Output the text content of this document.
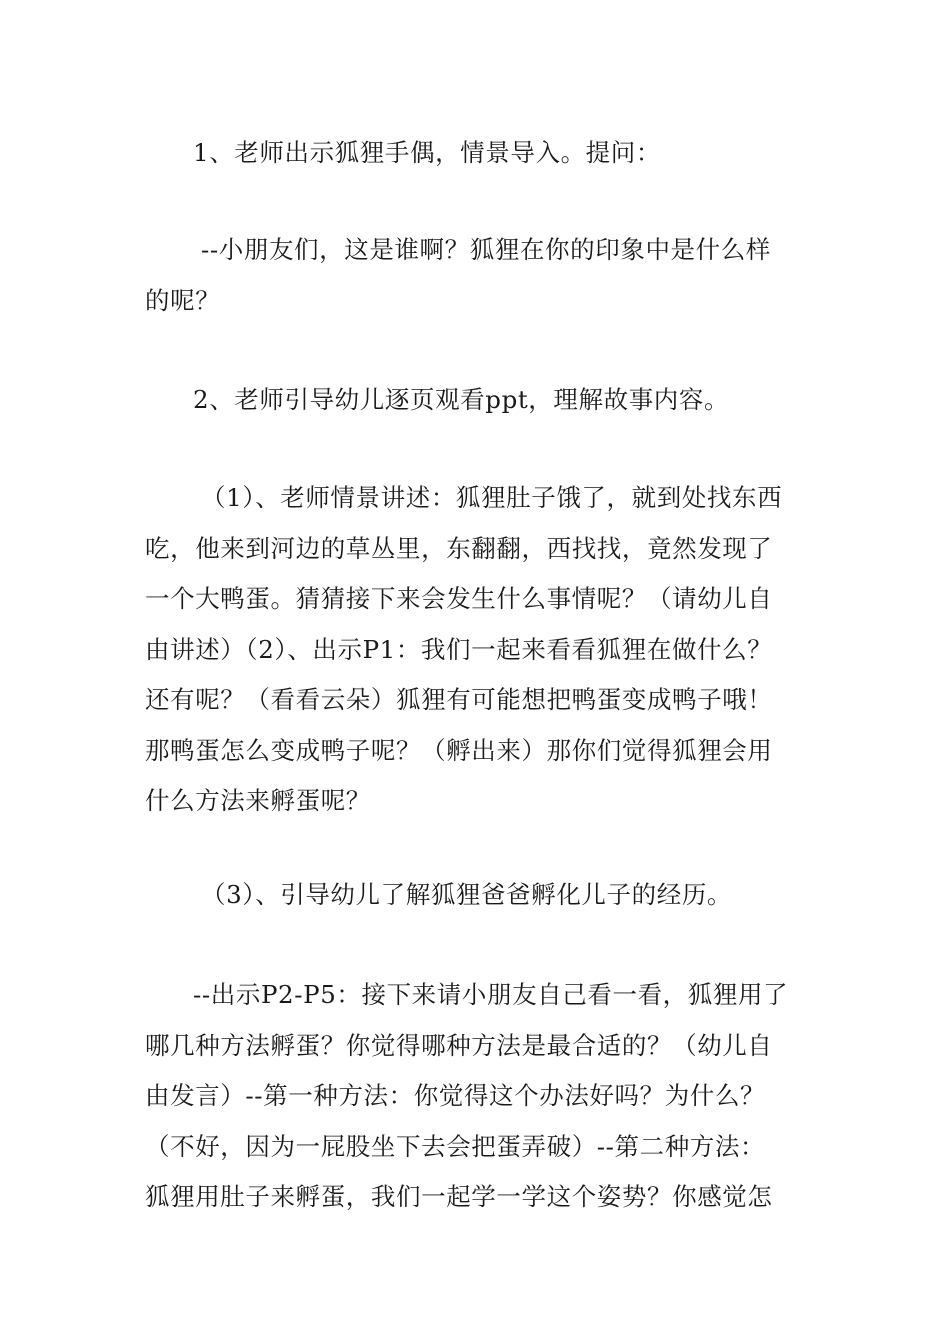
1、老师出示狐狸手偶，情景导入。提问：

--小朋友们，这是谁啊？狐狸在你的印象中是什么样
的呢？

2、老师引导幼儿逐页观看ppt，理解故事内容。

（1）、老师情景讲述：狐狸肚子饿了，就到处找东西
吃，他来到河边的草丛里，东翻翻，西找找，竟然发现了
一个大鸭蛋。猜猜接下来会发生什么事情呢？（请幼儿自
由讲述）（2）、出示P1：我们一起来看看狐狸在做什么？
还有呢？（看看云朵）狐狸有可能想把鸭蛋变成鸭子哦！
那鸭蛋怎么变成鸭子呢？（孵出来）那你们觉得狐狸会用
什么方法来孵蛋呢？

（3）、引导幼儿了解狐狸爸爸孵化儿子的经历。

--出示P2-P5：接下来请小朋友自己看一看，狐狸用了
哪几种方法孵蛋？你觉得哪种方法是最合适的？（幼儿自
由发言）--第一种方法：你觉得这个办法好吗？为什么？
（不好，因为一屁股坐下去会把蛋弄破）--第二种方法：
狐狸用肚子来孵蛋，我们一起学一学这个姿势？你感觉怎
